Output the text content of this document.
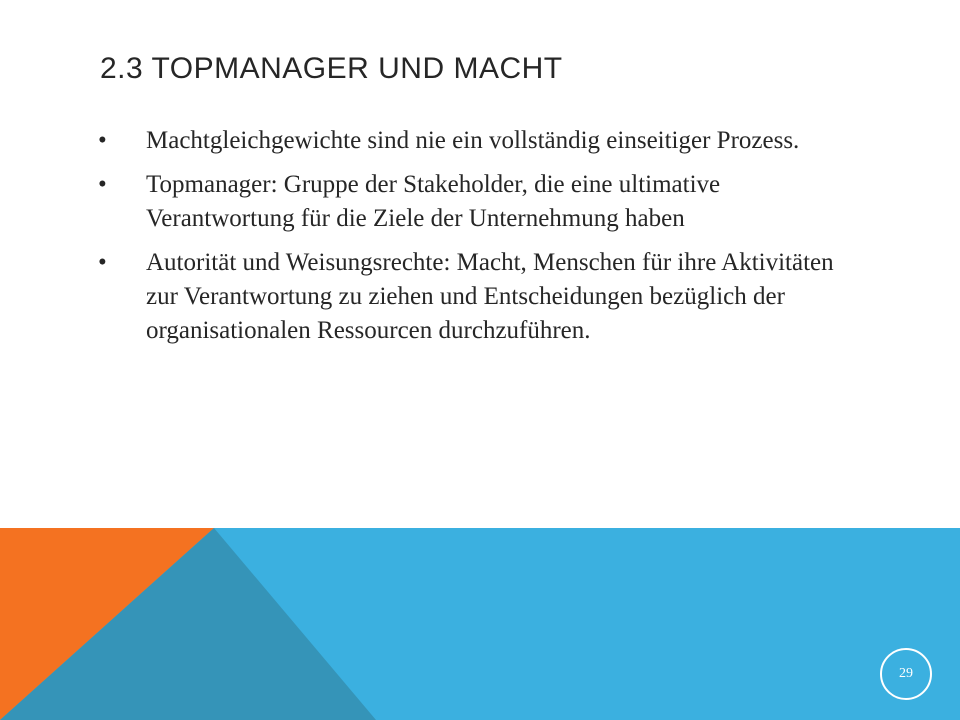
2.3 TOPMANAGER UND MACHT
• Machtgleichgewichte sind nie ein vollständig einseitiger Prozess.
• Topmanager: Gruppe der Stakeholder, die eine ultimative Verantwortung für die Ziele der Unternehmung haben
• Autorität und Weisungsrechte: Macht, Menschen für ihre Aktivitäten zur Verantwortung zu ziehen und Entscheidungen bezüglich der organisationalen Ressourcen durchzuführen.
29
